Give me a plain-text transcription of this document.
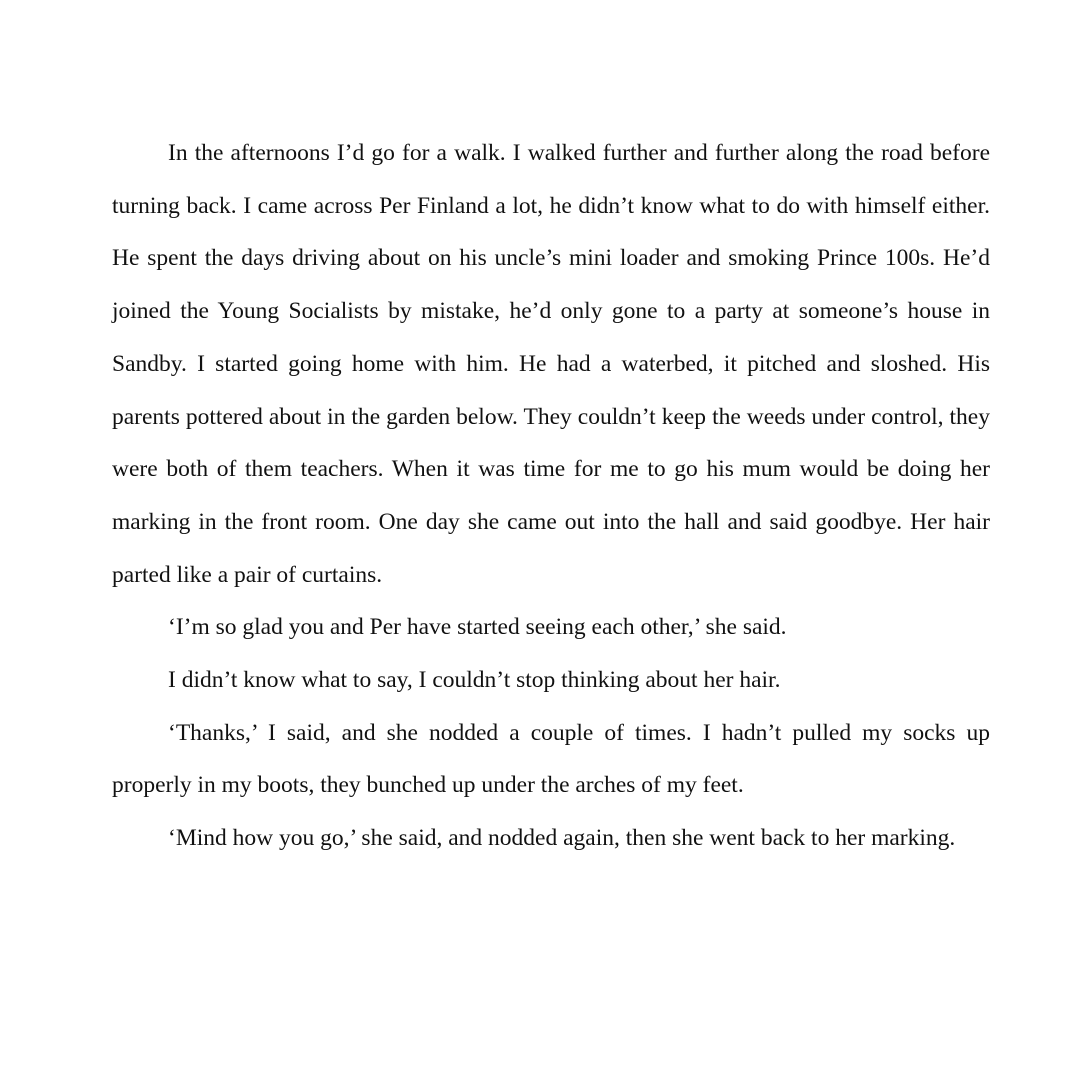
In the afternoons I’d go for a walk. I walked further and further along the road before turning back. I came across Per Finland a lot, he didn’t know what to do with himself either. He spent the days driving about on his uncle’s mini loader and smoking Prince 100s. He’d joined the Young Socialists by mistake, he’d only gone to a party at someone’s house in Sandby. I started going home with him. He had a waterbed, it pitched and sloshed. His parents pottered about in the garden below. They couldn’t keep the weeds under control, they were both of them teachers. When it was time for me to go his mum would be doing her marking in the front room. One day she came out into the hall and said goodbye. Her hair parted like a pair of curtains.

‘I’m so glad you and Per have started seeing each other,’ she said.

I didn’t know what to say, I couldn’t stop thinking about her hair.

‘Thanks,’ I said, and she nodded a couple of times. I hadn’t pulled my socks up properly in my boots, they bunched up under the arches of my feet.

‘Mind how you go,’ she said, and nodded again, then she went back to her marking.
